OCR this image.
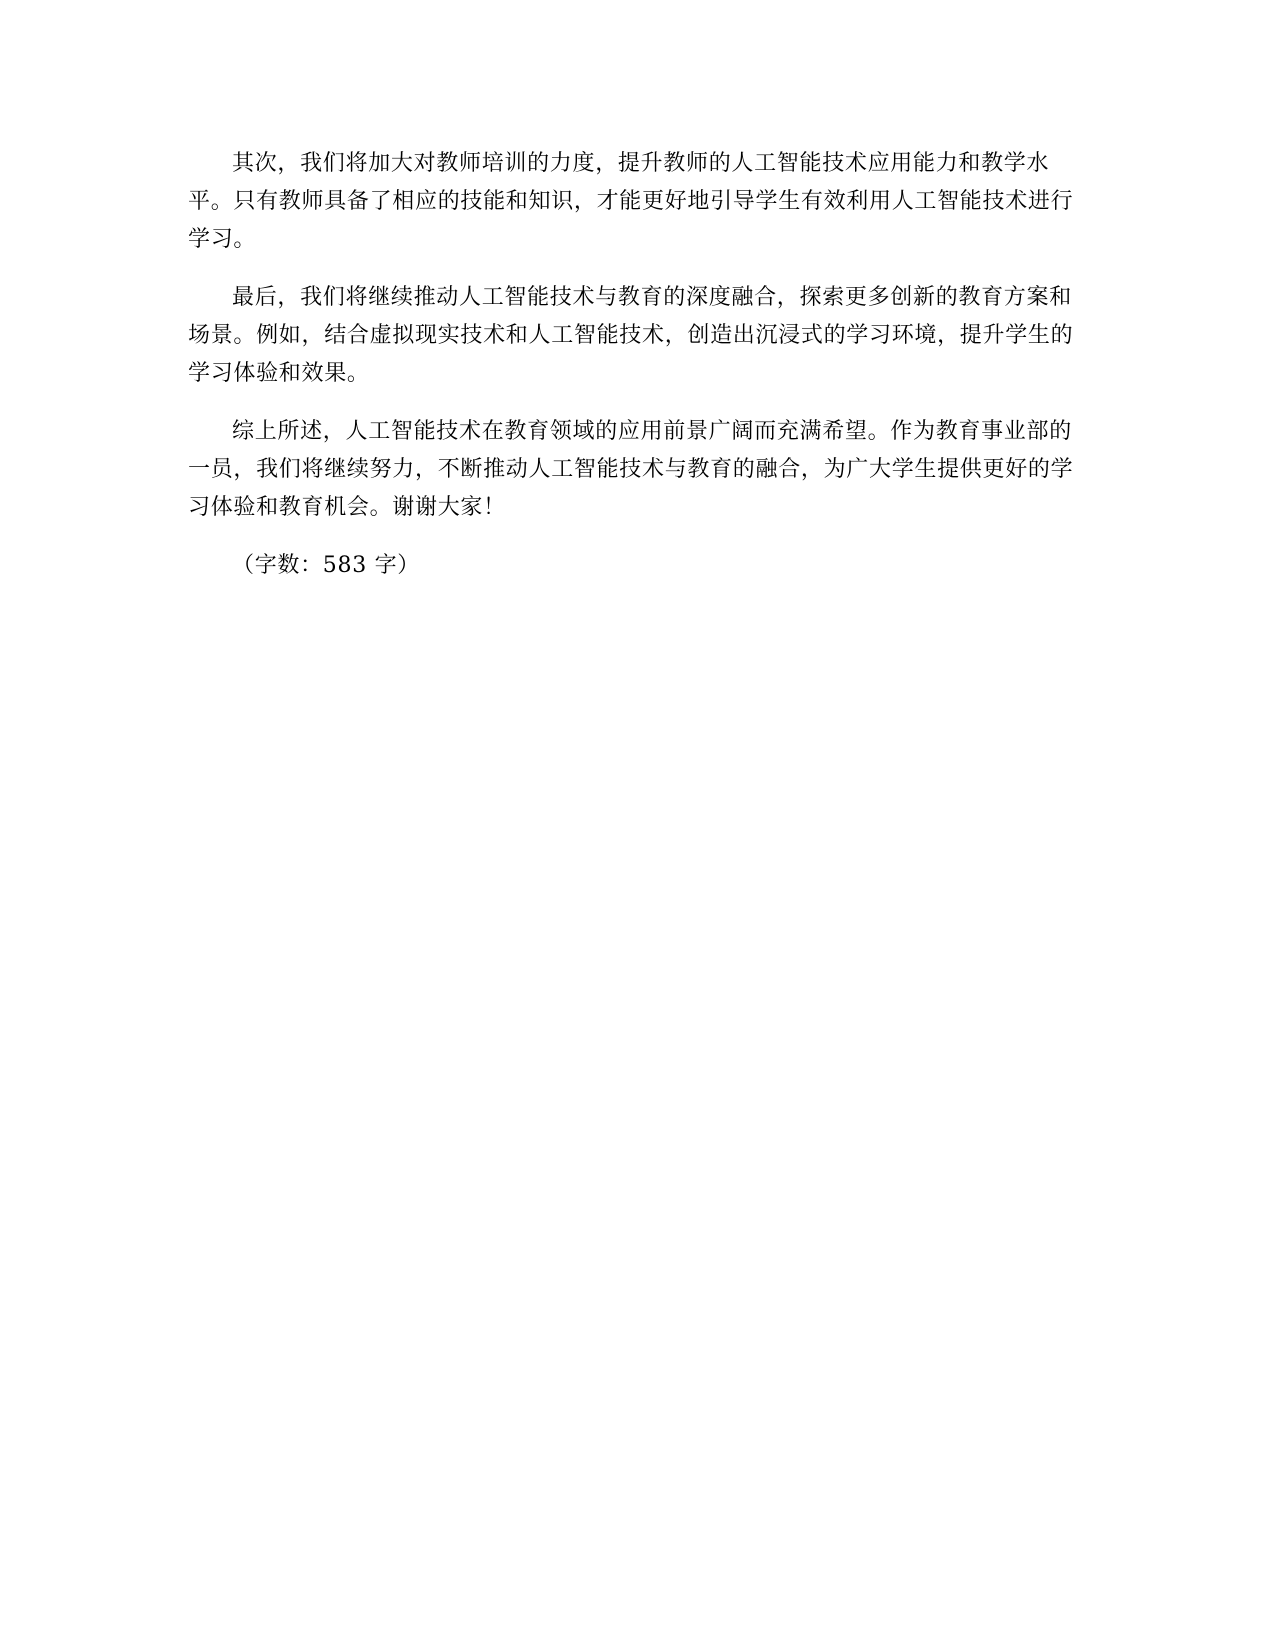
其次，我们将加大对教师培训的力度，提升教师的人工智能技术应用能力和教学水平。只有教师具备了相应的技能和知识，才能更好地引导学生有效利用人工智能技术进行学习。

最后，我们将继续推动人工智能技术与教育的深度融合，探索更多创新的教育方案和场景。例如，结合虚拟现实技术和人工智能技术，创造出沉浸式的学习环境，提升学生的学习体验和效果。

综上所述，人工智能技术在教育领域的应用前景广阔而充满希望。作为教育事业部的一员，我们将继续努力，不断推动人工智能技术与教育的融合，为广大学生提供更好的学习体验和教育机会。谢谢大家！

（字数：583 字）
